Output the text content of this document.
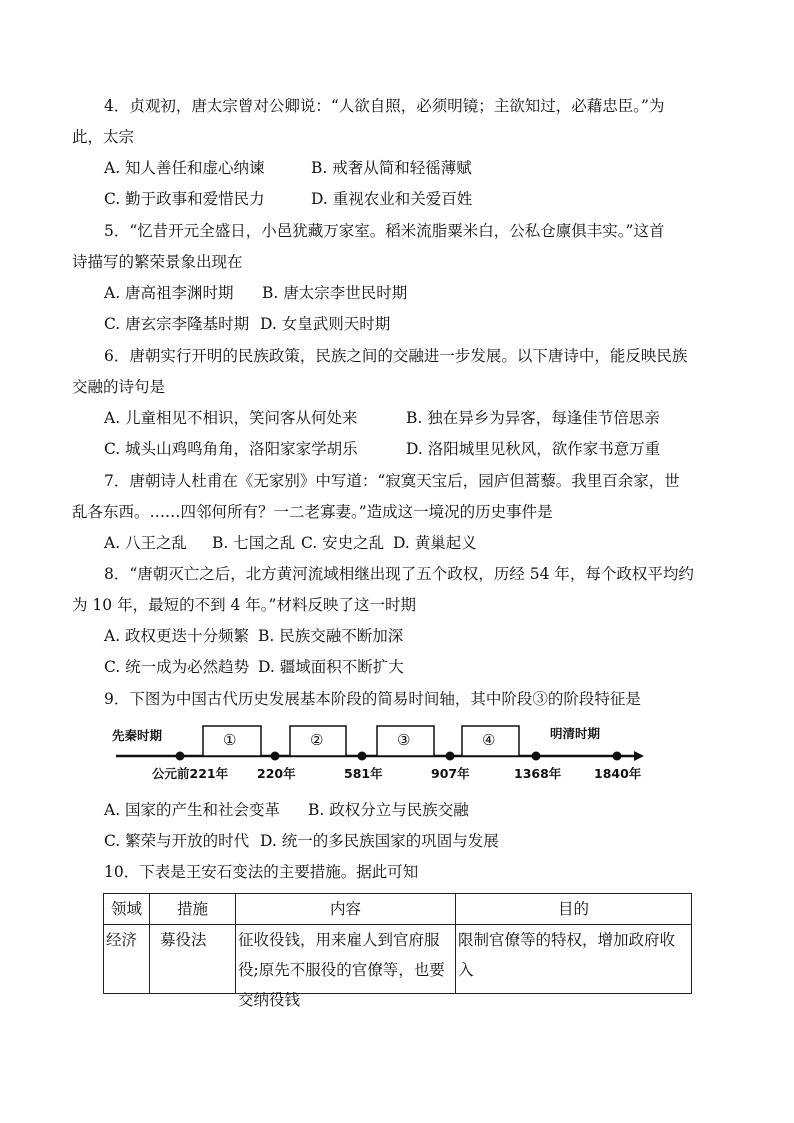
4．贞观初，唐太宗曾对公卿说：“人欲自照，必须明镜；主欲知过，必藉忠臣。”为
此，太宗
A. 知人善任和虚心纳谏	B. 戒奢从简和轻徭薄赋
C. 勤于政事和爱惜民力	D. 重视农业和关爱百姓
5．“忆昔开元全盛日，小邑犹藏万家室。稻米流脂粟米白，公私仓廪俱丰实。”这首
诗描写的繁荣景象出现在
A. 唐高祖李渊时期 B. 唐太宗李世民时期
C. 唐玄宗李隆基时期 D. 女皇武则天时期
6．唐朝实行开明的民族政策，民族之间的交融进一步发展。以下唐诗中，能反映民族
交融的诗句是
A. 儿童相见不相识，笑问客从何处来	B. 独在异乡为异客，每逢佳节倍思亲
C. 城头山鸡鸣角角，洛阳家家学胡乐	D. 洛阳城里见秋风，欲作家书意万重
7．唐朝诗人杜甫在《无家别》中写道：“寂寞天宝后，园庐但蒿藜。我里百余家，世
乱各东西。……四邻何所有？一二老寡妻。”造成这一境况的历史事件是
A. 八王之乱 B. 七国之乱 C. 安史之乱 D. 黄巢起义
8．“唐朝灭亡之后，北方黄河流域相继出现了五个政权，历经 54 年，每个政权平均约
为 10 年，最短的不到 4 年。”材料反映了这一时期
A. 政权更迭十分频繁 B. 民族交融不断加深
C. 统一成为必然趋势 D. 疆域面积不断扩大
9．下图为中国古代历史发展基本阶段的简易时间轴，其中阶段③的阶段特征是
先秦时期	明清时期
①	②	③	④
公元前221年 220年	581年	907年	1368年	1840年
A. 国家的产生和社会变革 B. 政权分立与民族交融
C. 繁荣与开放的时代 D. 统一的多民族国家的巩固与发展
10．下表是王安石变法的主要措施。据此可知
领域	措施	内容	目的

经济	募役法	征收役钱，用来雇人到官府服役;原先不服役的官僚等，也要交纳役钱	限制官僚等的特权，增加政府收入
